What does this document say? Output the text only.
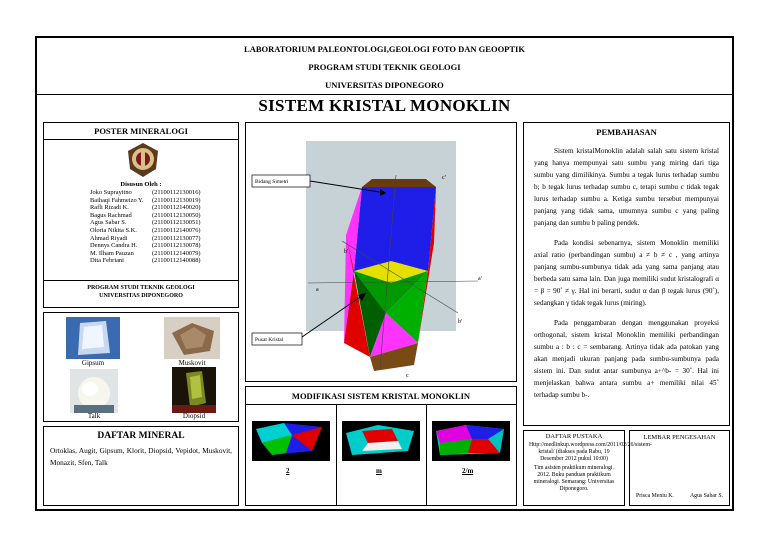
LABORATORIUM PALEONTOLOGI,GEOLOGI FOTO DAN GEOOPTIK
PROGRAM STUDI TEKNIK GEOLOGI
UNIVERSITAS DIPONEGORO
SISTEM KRISTAL MONOKLIN
POSTER MINERALOGI
Disusun Oleh :
Joko Suprayitno	(21100112130016)
Baihaqi Fahmeizo Y.	(21100112130019)
Rafli Rizadi K.	(21100112140020)
Bagus Rachmad	(21100112130050)
Agus Sabar S.	(21100112130051)
Oloria Nikita S.K.	(21100112140076)
Ahmad Riyadi	(21100112130077)
Dennys Candra H.	(21100112130078)
M. Ilham Pauzan	(21100112140079)
Dita Febriani	(21100112140088)
PROGRAM STUDI TEKNIK GEOLOGI
UNIVERSITAS DIPONEGORO
Gipsum	Muskovit
Talk	Diopsid
DAFTAR MINERAL
Ortoklas, Augit, Gipsum, Klorit, Diopsid, Vepidot, Muskovit, Monazit, Sfen, Talk
c'
b'
a'
a
b'
c
Bidang Simetri
Pusat Kristal
MODIFIKASI SISTEM KRISTAL MONOKLIN
2	m	2/m
PEMBAHASAN

Sistem kristalMonoklin adalah salah satu sistem kristal yang hanya mempunyai satu sumbu yang miring dari tiga sumbu yang dimilikinya. Sumbu a tegak lurus terhadap sumbu b; b tegak lurus terhadap sumbu c, tetapi sumbu c tidak tegak lurus terhadap sumbu a. Ketiga sumbu tersebut mempunyai panjang yang tidak sama, umumnya sumbu c yang paling panjang dan sumbu b paling pendek.

Pada kondisi sebenarnya, sistem Monoklin memiliki axial ratio (perbandingan sumbu) a ≠ b ≠ c , yang artinya panjang sumbu-sumbunya tidak ada yang sama panjang atau berbeda satu sama lain. Dan juga memiliki sudut kristalografi α = β = 90˚ ≠ γ. Hal ini berarti, sudut α dan β tegak lurus (90˚), sedangkan γ tidak tegak lurus (miring).

Pada penggambaran dengan menggunakan proyeksi orthogonal, sistem kristal Monoklin memiliki perbandingan sumbu a : b : c = sembarang. Artinya tidak ada patokan yang akan menjadi ukuran panjang pada sumbu-sumbunya pada sistem ini. Dan sudut antar sumbunya a+^b- = 30˚. Hal ini menjelaskan bahwa antara sumbu a+ memiliki nilai 45˚ terhadap sumbu b-.

DAFTAR PUSTAKA
Http://medlinkup.wordpress.com/2011/02/26/sistem-kristal/ (diakses pada Rabu, 19 Desember 2012 pukul 10:00)
Tim asisten praktikum mineralogi. 2012. Buku panduan praktikum mineralogi. Semarang: Universitas Diponegoro.
LEMBAR PENGESAHAN
Prisca Meniu K.	Agus Sabar S.
